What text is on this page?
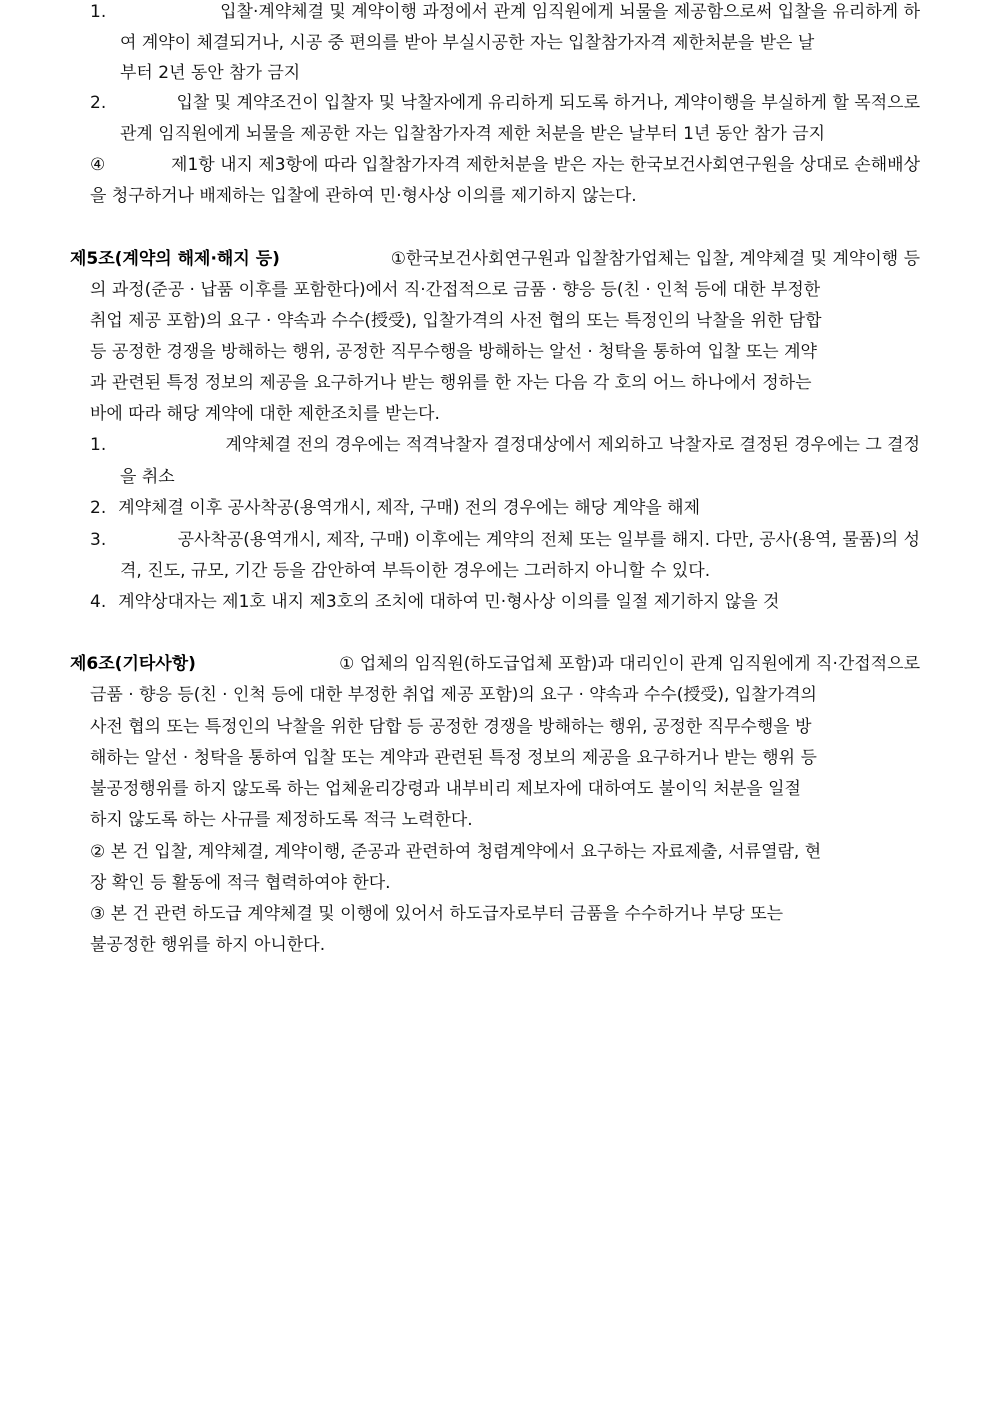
1.	입찰·계약체결 및 계약이행 과정에서 관계 임직원에게 뇌물을 제공함으로써 입찰을 유리하게 하
여 계약이 체결되거나, 시공 중 편의를 받아 부실시공한 자는 입찰참가자격 제한처분을 받은 날
부터 2년 동안 참가 금지
2.	입찰 및 계약조건이 입찰자 및 낙찰자에게 유리하게 되도록 하거나, 계약이행을 부실하게 할 목적으로
관계 임직원에게 뇌물을 제공한 자는 입찰참가자격 제한 처분을 받은 날부터 1년 동안 참가 금지
④	제1항 내지 제3항에 따라 입찰참가자격 제한처분을 받은 자는 한국보건사회연구원을 상대로 손해배상
을 청구하거나 배제하는 입찰에 관하여 민·형사상 이의를 제기하지 않는다.
제5조(계약의 해제·해지 등)	①한국보건사회연구원과 입찰참가업체는 입찰, 계약체결 및 계약이행 등
의 과정(준공 · 납품 이후를 포함한다)에서 직·간접적으로 금품 · 향응 등(친 · 인척 등에 대한 부정한
취업 제공 포함)의 요구 · 약속과 수수(授受), 입찰가격의 사전 협의 또는 특정인의 낙찰을 위한 담합
등 공정한 경쟁을 방해하는 행위, 공정한 직무수행을 방해하는 알선 · 청탁을 통하여 입찰 또는 계약
과 관련된 특정 정보의 제공을 요구하거나 받는 행위를 한 자는 다음 각 호의 어느 하나에서 정하는
바에 따라 해당 계약에 대한 제한조치를 받는다.
1.	계약체결 전의 경우에는 적격낙찰자 결정대상에서 제외하고 낙찰자로 결정된 경우에는 그 결정
을 취소
2. 계약체결 이후 공사착공(용역개시, 제작, 구매) 전의 경우에는 해당 계약을 해제
3.	공사착공(용역개시, 제작, 구매) 이후에는 계약의 전체 또는 일부를 해지. 다만, 공사(용역, 물품)의 성
격, 진도, 규모, 기간 등을 감안하여 부득이한 경우에는 그러하지 아니할 수 있다.
4. 계약상대자는 제1호 내지 제3호의 조치에 대하여 민·형사상 이의를 일절 제기하지 않을 것
제6조(기타사항)	① 업체의 임직원(하도급업체 포함)과 대리인이 관계 임직원에게 직·간접적으로
금품 · 향응 등(친 · 인척 등에 대한 부정한 취업 제공 포함)의 요구 · 약속과 수수(授受), 입찰가격의
사전 협의 또는 특정인의 낙찰을 위한 담합 등 공정한 경쟁을 방해하는 행위, 공정한 직무수행을 방
해하는 알선 · 청탁을 통하여 입찰 또는 계약과 관련된 특정 정보의 제공을 요구하거나 받는 행위 등
불공정행위를 하지 않도록 하는 업체윤리강령과 내부비리 제보자에 대하여도 불이익 처분을 일절
하지 않도록 하는 사규를 제정하도록 적극 노력한다.
② 본 건 입찰, 계약체결, 계약이행, 준공과 관련하여 청렴계약에서 요구하는 자료제출, 서류열람, 현
장 확인 등 활동에 적극 협력하여야 한다.
③ 본 건 관련 하도급 계약체결 및 이행에 있어서 하도급자로부터 금품을 수수하거나 부당 또는
불공정한 행위를 하지 아니한다.
